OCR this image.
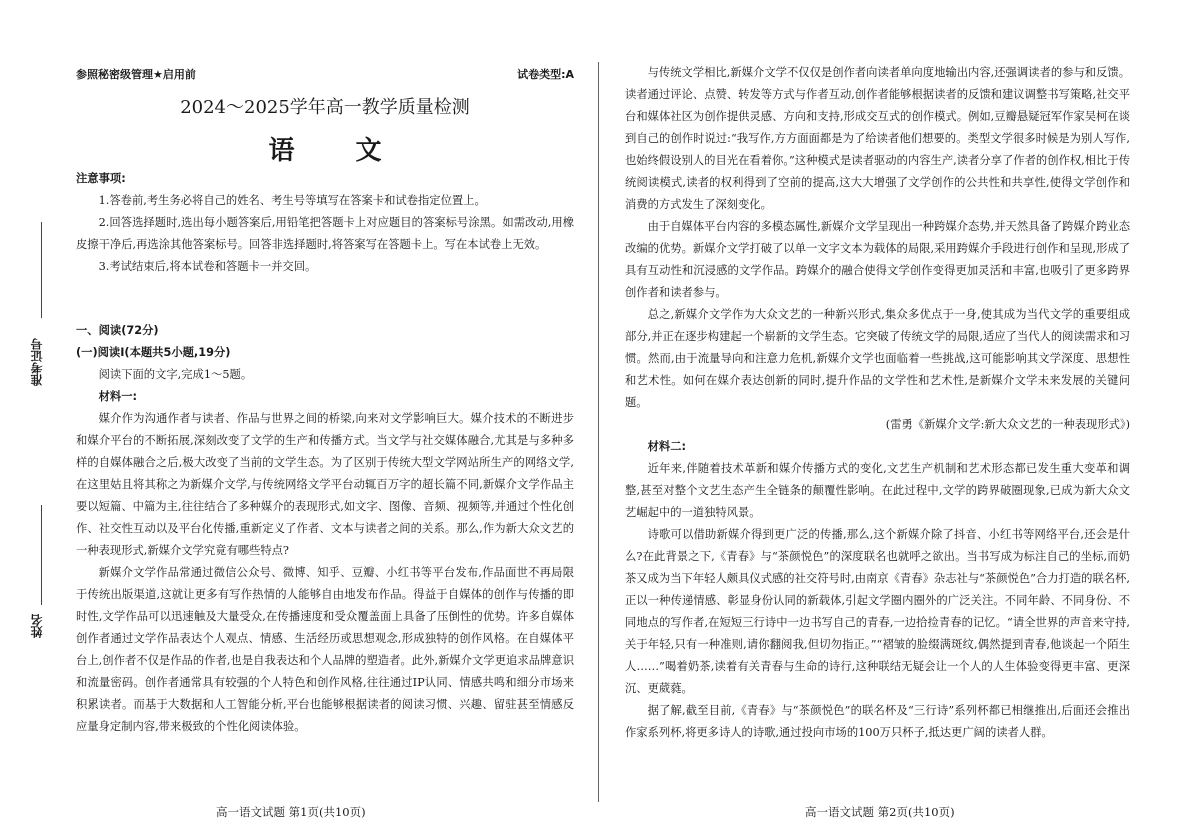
准考证号
姓名
参照秘密级管理★启用前	试卷类型:A
2024～2025学年高一教学质量检测
语 文

注意事项:

1.答卷前,考生务必将自己的姓名、考生号等填写在答案卡和试卷指定位置上。

2.回答选择题时,选出每小题答案后,用铅笔把答题卡上对应题目的答案标号涂黑。如需改动,用橡皮擦干净后,再选涂其他答案标号。回答非选择题时,将答案写在答题卡上。写在本试卷上无效。

3.考试结束后,将本试卷和答题卡一并交回。

一、阅读(72分)

(一)阅读Ⅰ(本题共5小题,19分)

阅读下面的文字,完成1～5题。

材料一:

媒介作为沟通作者与读者、作品与世界之间的桥梁,向来对文学影响巨大。媒介技术的不断进步和媒介平台的不断拓展,深刻改变了文学的生产和传播方式。当文学与社交媒体融合,尤其是与多种多样的自媒体融合之后,极大改变了当前的文学生态。为了区别于传统大型文学网站所生产的网络文学,在这里姑且将其称之为新媒介文学,与传统网络文学平台动辄百万字的超长篇不同,新媒介文学作品主要以短篇、中篇为主,往往结合了多种媒介的表现形式,如文字、图像、音频、视频等,并通过个性化创作、社交性互动以及平台化传播,重新定义了作者、文本与读者之间的关系。那么,作为新大众文艺的一种表现形式,新媒介文学究竟有哪些特点?

新媒介文学作品常通过微信公众号、微博、知乎、豆瓣、小红书等平台发布,作品面世不再局限于传统出版渠道,这就让更多有写作热情的人能够自由地发布作品。得益于自媒体的创作与传播的即时性,文学作品可以迅速触及大量受众,在传播速度和受众覆盖面上具备了压倒性的优势。许多自媒体创作者通过文学作品表达个人观点、情感、生活经历或思想观念,形成独特的创作风格。在自媒体平台上,创作者不仅是作品的作者,也是自我表达和个人品牌的塑造者。此外,新媒介文学更追求品牌意识和流量密码。创作者通常具有较强的个人特色和创作风格,往往通过IP认同、情感共鸣和细分市场来积累读者。而基于大数据和人工智能分析,平台也能够根据读者的阅读习惯、兴趣、留驻甚至情感反应量身定制内容,带来极致的个性化阅读体验。

高一语文试题 第1页(共10页)

与传统文学相比,新媒介文学不仅仅是创作者向读者单向度地输出内容,还强调读者的参与和反馈。读者通过评论、点赞、转发等方式与作者互动,创作者能够根据读者的反馈和建议调整书写策略,社交平台和媒体社区为创作提供灵感、方向和支持,形成交互式的创作模式。例如,豆瓣悬疑冠军作家吴柯在谈到自己的创作时说过:“我写作,方方面面都是为了给读者他们想要的。类型文学很多时候是为别人写作,也始终假设别人的目光在看着你。”这种模式是读者驱动的内容生产,读者分享了作者的创作权,相比于传统阅读模式,读者的权利得到了空前的提高,这大大增强了文学创作的公共性和共享性,使得文学创作和消费的方式发生了深刻变化。

由于自媒体平台内容的多模态属性,新媒介文学呈现出一种跨媒介态势,并天然具备了跨媒介跨业态改编的优势。新媒介文学打破了以单一文字文本为载体的局限,采用跨媒介手段进行创作和呈现,形成了具有互动性和沉浸感的文学作品。跨媒介的融合使得文学创作变得更加灵活和丰富,也吸引了更多跨界创作者和读者参与。

总之,新媒介文学作为大众文艺的一种新兴形式,集众多优点于一身,使其成为当代文学的重要组成部分,并正在逐步构建起一个崭新的文学生态。它突破了传统文学的局限,适应了当代人的阅读需求和习惯。然而,由于流量导向和注意力危机,新媒介文学也面临着一些挑战,这可能影响其文学深度、思想性和艺术性。如何在媒介表达创新的同时,提升作品的文学性和艺术性,是新媒介文学未来发展的关键问题。

(雷勇《新媒介文学:新大众文艺的一种表现形式》)

材料二:

近年来,伴随着技术革新和媒介传播方式的变化,文艺生产机制和艺术形态都已发生重大变革和调整,甚至对整个文艺生态产生全链条的颠覆性影响。在此过程中,文学的跨界破圈现象,已成为新大众文艺崛起中的一道独特风景。

诗歌可以借助新媒介得到更广泛的传播,那么,这个新媒介除了抖音、小红书等网络平台,还会是什么?在此背景之下,《青春》与“茶颜悦色”的深度联名也就呼之欲出。当书写成为标注自己的坐标,而奶茶又成为当下年轻人颇具仪式感的社交符号时,由南京《青春》杂志社与“茶颜悦色”合力打造的联名杯,正以一种传递情感、彰显身份认同的新载体,引起文学圈内圈外的广泛关注。不同年龄、不同身份、不同地点的写作者,在短短三行诗中一边书写自己的青春,一边拾捡青春的记忆。“请全世界的声音来守持,关于年轻,只有一种准则,请你翻阅我,但切勿指正。”“褶皱的脸缀满斑纹,偶然提到青春,他谈起一个陌生人……”喝着奶茶,读着有关青春与生命的诗行,这种联结无疑会让一个人的人生体验变得更丰富、更深沉、更葳蕤。

据了解,截至目前,《青春》与“茶颜悦色”的联名杯及“三行诗”系列杯都已相继推出,后面还会推出作家系列杯,将更多诗人的诗歌,通过投向市场的100万只杯子,抵达更广阔的读者人群。

高一语文试题 第2页(共10页)
